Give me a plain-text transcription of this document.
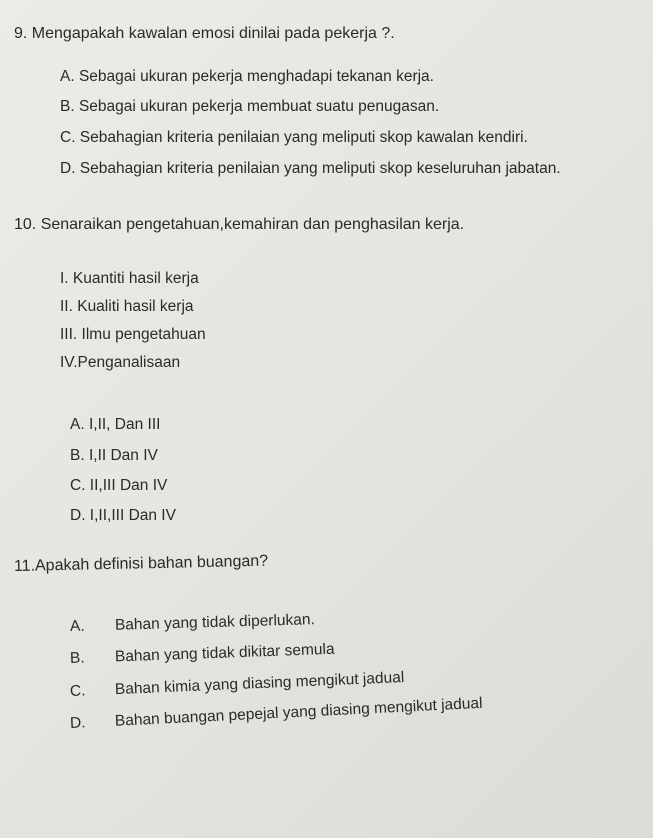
9. Mengapakah kawalan emosi dinilai pada pekerja ?.
A. Sebagai ukuran pekerja menghadapi tekanan kerja.
B. Sebagai ukuran pekerja membuat suatu penugasan.
C. Sebahagian kriteria penilaian yang meliputi skop kawalan kendiri.
D. Sebahagian kriteria penilaian yang meliputi skop keseluruhan jabatan.
10. Senaraikan pengetahuan,kemahiran dan penghasilan kerja.
I. Kuantiti hasil kerja
II. Kualiti hasil kerja
III. Ilmu pengetahuan
IV.Penganalisaan
A. I,II, Dan III
B. I,II Dan IV
C. II,III Dan IV
D. I,II,III Dan IV
11.Apakah definisi bahan buangan?
A. Bahan yang tidak diperlukan.
B. Bahan yang tidak dikitar semula
C. Bahan kimia yang diasing mengikut jadual
D. Bahan buangan pepejal yang diasing mengikut jadual
